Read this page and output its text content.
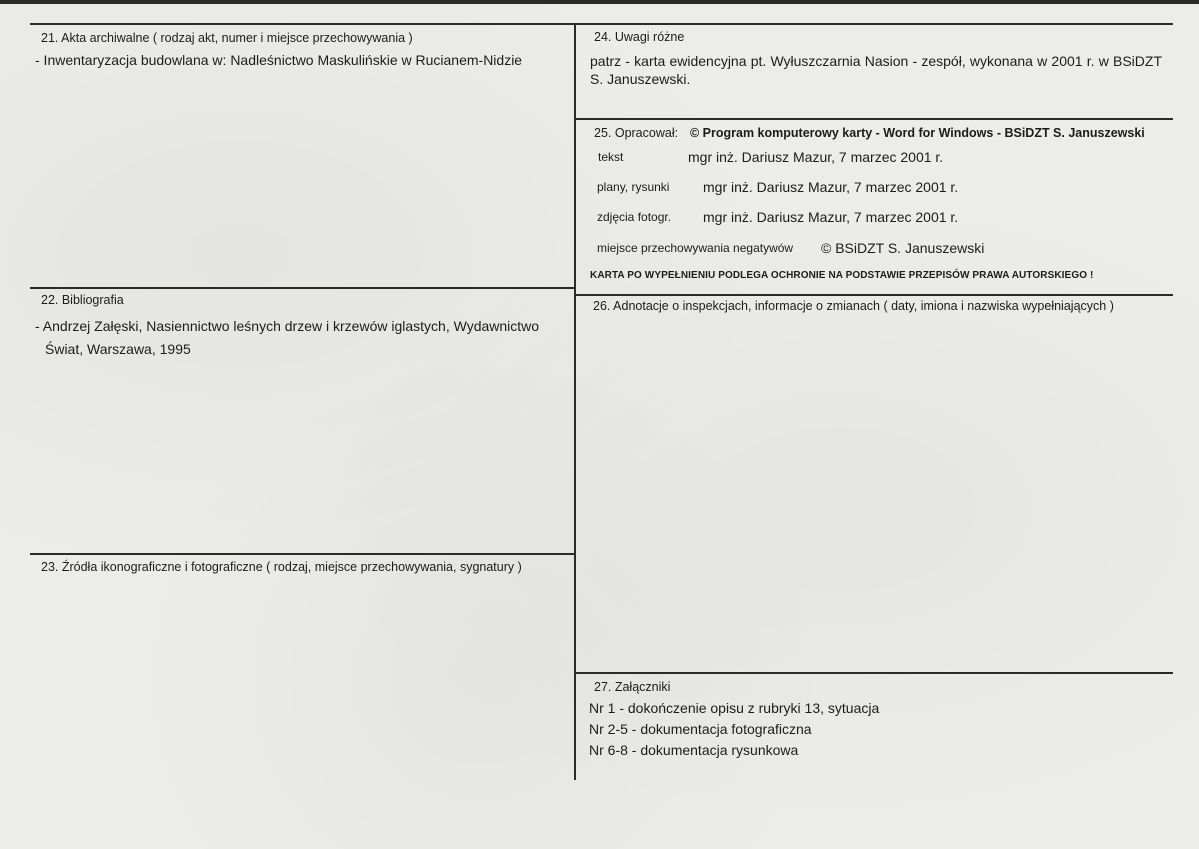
21. Akta archiwalne ( rodzaj akt, numer i miejsce przechowywania )
- Inwentaryzacja budowlana w: Nadleśnictwo Maskulińskie w Rucianem-Nidzie
22. Bibliografia
- Andrzej Załęski, Nasiennictwo leśnych drzew i krzewów iglastych, Wydawnictwo
Świat, Warszawa, 1995
23. Źródła ikonograficzne i fotograficzne ( rodzaj, miejsce przechowywania, sygnatury )
24. Uwagi różne
patrz - karta ewidencyjna pt. Wyłuszczarnia Nasion - zespół, wykonana w 2001 r. w BSiDZT S. Januszewski.
25. Opracował: © Program komputerowy karty - Word for Windows - BSiDZT S. Januszewski
tekst	mgr inż. Dariusz Mazur, 7 marzec 2001 r.
plany, rysunki mgr inż. Dariusz Mazur, 7 marzec 2001 r.
zdjęcia fotogr. mgr inż. Dariusz Mazur, 7 marzec 2001 r.
miejsce przechowywania negatywów © BSiDZT S. Januszewski
KARTA PO WYPEŁNIENIU PODLEGA OCHRONIE NA PODSTAWIE PRZEPISÓW PRAWA AUTORSKIEGO !
26. Adnotacje o inspekcjach, informacje o zmianach ( daty, imiona i nazwiska wypełniających )
27. Załączniki
Nr 1 - dokończenie opisu z rubryki 13, sytuacja
Nr 2-5 - dokumentacja fotograficzna
Nr 6-8 - dokumentacja rysunkowa
